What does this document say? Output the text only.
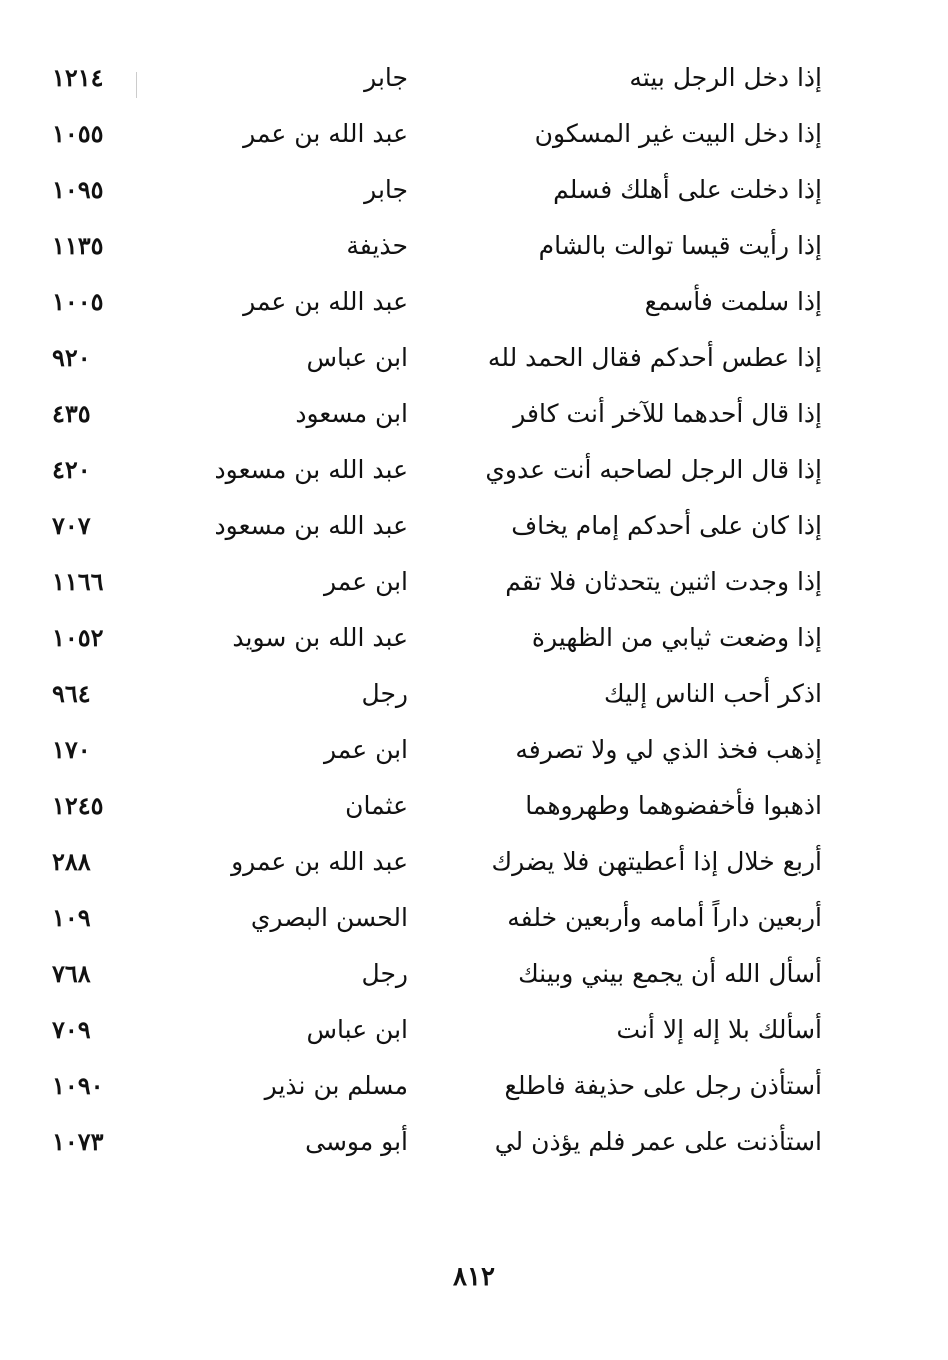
إذا دخل الرجل بيته
جابر
١٢١٤
إذا دخل البيت غير المسكون
عبد الله بن عمر
١٠٥٥
إذا دخلت على أهلك فسلم
جابر
١٠٩٥
إذا رأيت قيسا توالت بالشام
حذيفة
١١٣٥
إذا سلمت فأسمع
عبد الله بن عمر
١٠٠٥
إذا عطس أحدكم فقال الحمد لله
ابن عباس
٩٢٠
إذا قال أحدهما للآخر أنت كافر
ابن مسعود
٤٣٥
إذا قال الرجل لصاحبه أنت عدوي
عبد الله بن مسعود
٤٢٠
إذا كان على أحدكم إمام يخاف
عبد الله بن مسعود
٧٠٧
إذا وجدت اثنين يتحدثان فلا تقم
ابن عمر
١١٦٦
إذا وضعت ثيابي من الظهيرة
عبد الله بن سويد
١٠٥٢
اذكر أحب الناس إليك
رجل
٩٦٤
إذهب فخذ الذي لي ولا تصرفه
ابن عمر
١٧٠
اذهبوا فأخفضوهما وطهروهما
عثمان
١٢٤٥
أربع خلال إذا أعطيتهن فلا يضرك
عبد الله بن عمرو
٢٨٨
أربعين داراً أمامه وأربعين خلفه
الحسن البصري
١٠٩
أسأل الله أن يجمع بيني وبينك
رجل
٧٦٨
أسألك بلا إله إلا أنت
ابن عباس
٧٠٩
أستأذن رجل على حذيفة فاطلع
مسلم بن نذير
١٠٩٠
استأذنت على عمر فلم يؤذن لي
أبو موسى
١٠٧٣
٨١٢
